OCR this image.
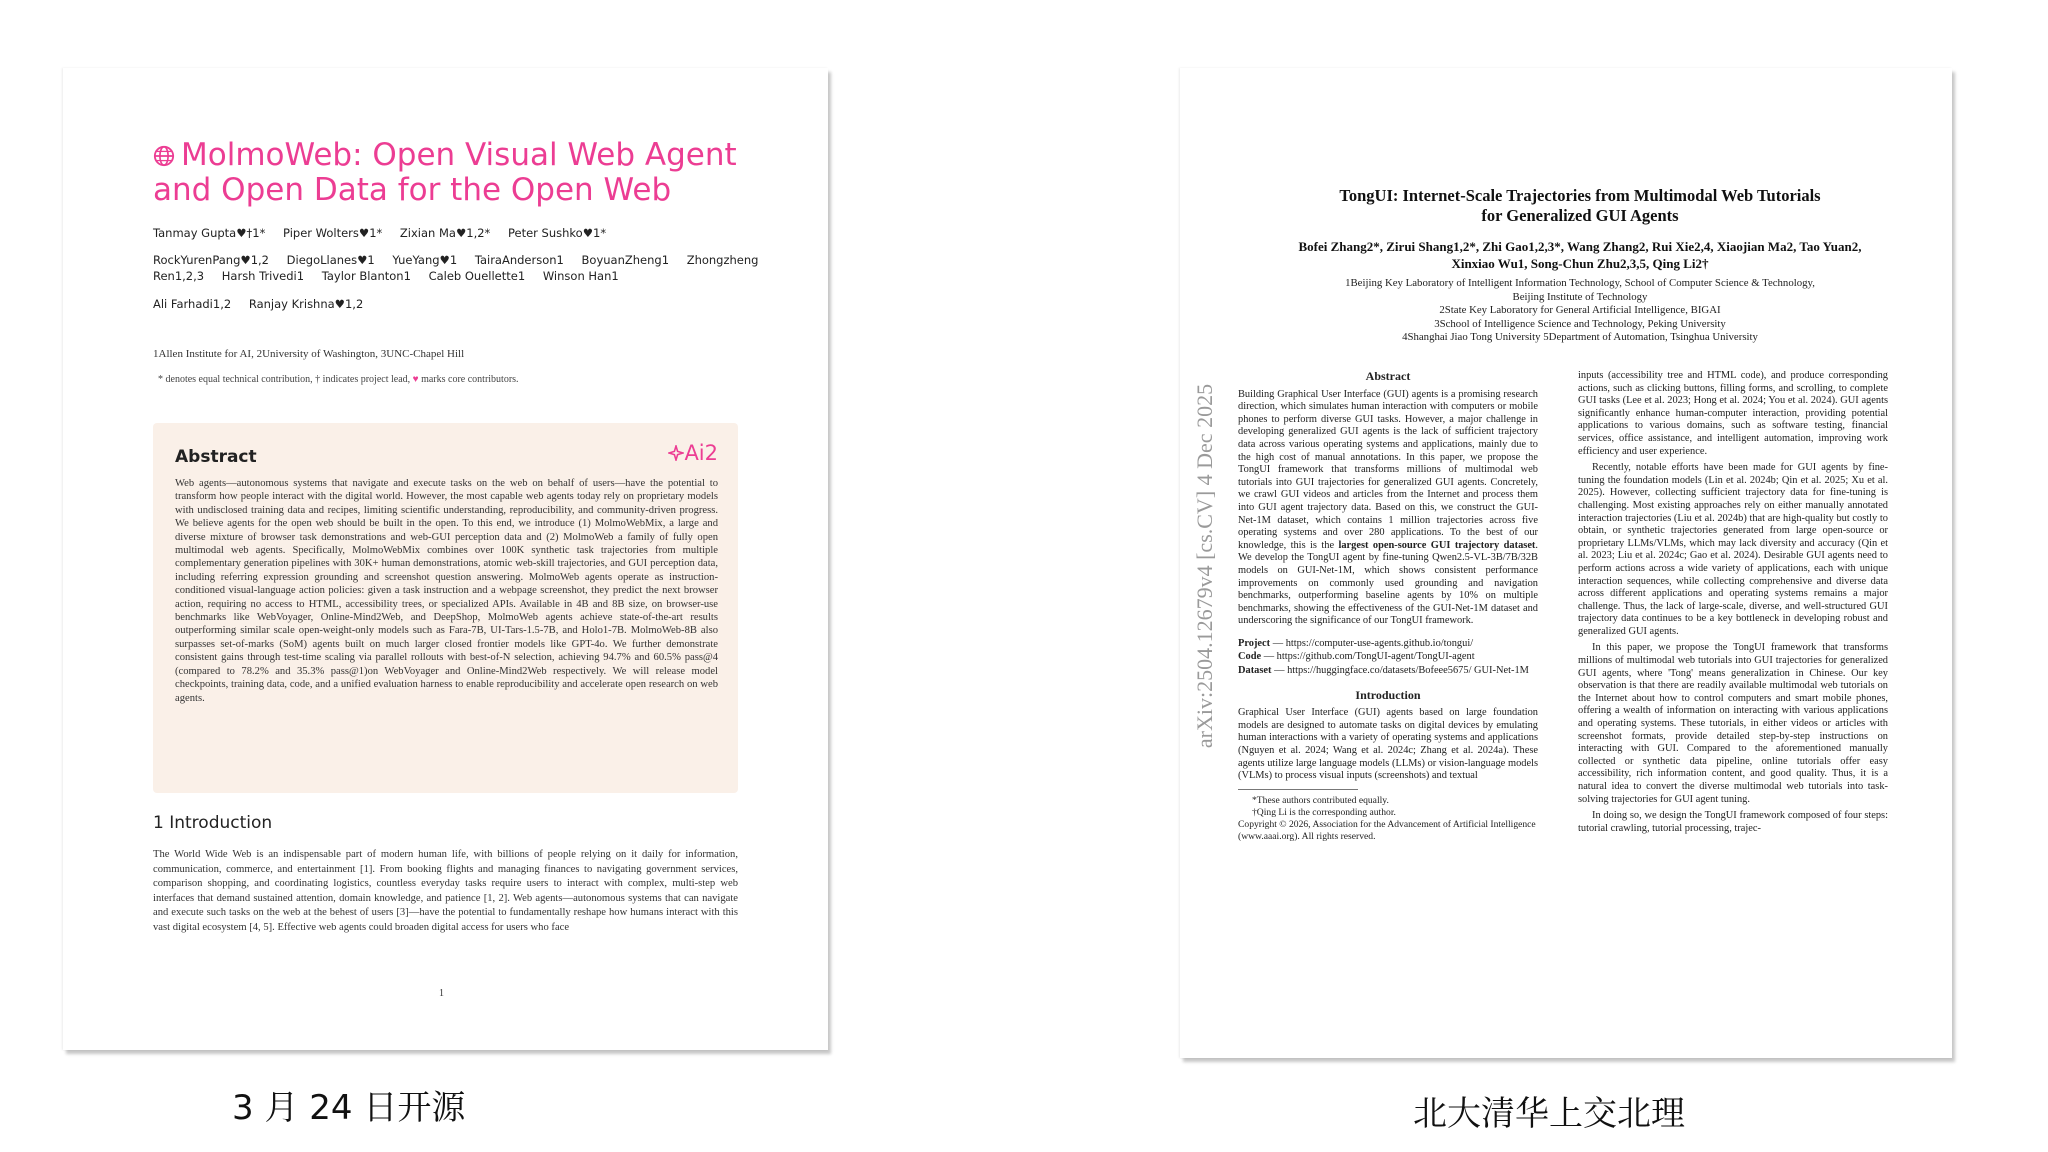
MolmoWeb: Open Visual Web Agent
and Open Data for the Open Web
Tanmay Gupta♥†1* Piper Wolters♥1* Zixian Ma♥1,2* Peter Sushko♥1*
RockYurenPang♥1,2 DiegoLlanes♥1 YueYang♥1 TairaAnderson1 BoyuanZheng1 Zhongzheng
Ren1,2,3 Harsh Trivedi1 Taylor Blanton1 Caleb Ouellette1 Winson Han1
Ali Farhadi1,2 Ranjay Krishna♥1,2
1Allen Institute for AI, 2University of Washington, 3UNC-Chapel Hill
* denotes equal technical contribution, † indicates project lead, ♥ marks core contributors.
Abstract	Ai2
Web agents—autonomous systems that navigate and execute tasks on the web on behalf of users—have the potential to transform how people interact with the digital world. However, the most capable web agents today rely on proprietary models with undisclosed training data and recipes, limiting scientific understanding, reproducibility, and community-driven progress. We believe agents for the open web should be built in the open. To this end, we introduce (1) MolmoWebMix, a large and diverse mixture of browser task demonstrations and web-GUI perception data and (2) MolmoWeb a family of fully open multimodal web agents. Specifically, MolmoWebMix combines over 100K synthetic task trajectories from multiple complementary generation pipelines with 30K+ human demonstrations, atomic web-skill trajectories, and GUI perception data, including referring expression grounding and screenshot question answering. MolmoWeb agents operate as instruction-conditioned visual-language action policies: given a task instruction and a webpage screenshot, they predict the next browser action, requiring no access to HTML, accessibility trees, or specialized APIs. Available in 4B and 8B size, on browser-use benchmarks like WebVoyager, Online-Mind2Web, and DeepShop, MolmoWeb agents achieve state-of-the-art results outperforming similar scale open-weight-only models such as Fara-7B, UI-Tars-1.5-7B, and Holo1-7B. MolmoWeb-8B also surpasses set-of-marks (SoM) agents built on much larger closed frontier models like GPT-4o. We further demonstrate consistent gains through test-time scaling via parallel rollouts with best-of-N selection, achieving 94.7% and 60.5% pass@4 (compared to 78.2% and 35.3% pass@1)on WebVoyager and Online-Mind2Web respectively. We will release model checkpoints, training data, code, and a unified evaluation harness to enable reproducibility and accelerate open research on web agents.
1 Introduction
The World Wide Web is an indispensable part of modern human life, with billions of people relying on it daily for information, communication, commerce, and entertainment [1]. From booking flights and managing finances to navigating government services, comparison shopping, and coordinating logistics, countless everyday tasks require users to interact with complex, multi-step web interfaces that demand sustained attention, domain knowledge, and patience [1, 2]. Web agents—autonomous systems that can navigate and execute such tasks on the web at the behest of users [3]—have the potential to fundamentally reshape how humans interact with this vast digital ecosystem [4, 5]. Effective web agents could broaden digital access for users who face
1
arXiv:2504.12679v4 [cs.CV] 4 Dec 2025
TongUI: Internet-Scale Trajectories from Multimodal Web Tutorials
for Generalized GUI Agents
Bofei Zhang2*, Zirui Shang1,2*, Zhi Gao1,2,3*, Wang Zhang2, Rui Xie2,4, Xiaojian Ma2, Tao Yuan2,
Xinxiao Wu1, Song-Chun Zhu2,3,5, Qing Li2†
1Beijing Key Laboratory of Intelligent Information Technology, School of Computer Science & Technology,
Beijing Institute of Technology
2State Key Laboratory for General Artificial Intelligence, BIGAI
3School of Intelligence Science and Technology, Peking University
4Shanghai Jiao Tong University 5Department of Automation, Tsinghua University
Abstract

Building Graphical User Interface (GUI) agents is a promising research direction, which simulates human interaction with computers or mobile phones to perform diverse GUI tasks. However, a major challenge in developing generalized GUI agents is the lack of sufficient trajectory data across various operating systems and applications, mainly due to the high cost of manual annotations. In this paper, we propose the TongUI framework that transforms millions of multimodal web tutorials into GUI trajectories for generalized GUI agents. Concretely, we crawl GUI videos and articles from the Internet and process them into GUI agent trajectory data. Based on this, we construct the GUI-Net-1M dataset, which contains 1 million trajectories across five operating systems and over 280 applications. To the best of our knowledge, this is the largest open-source GUI trajectory dataset. We develop the TongUI agent by fine-tuning Qwen2.5-VL-3B/7B/32B models on GUI-Net-1M, which shows consistent performance improvements on commonly used grounding and navigation benchmarks, outperforming baseline agents by 10% on multiple benchmarks, showing the effectiveness of the GUI-Net-1M dataset and underscoring the significance of our TongUI framework.

Project — https://computer-use-agents.github.io/tongui/

Code — https://github.com/TongUI-agent/TongUI-agent

Dataset — https://huggingface.co/datasets/Bofeee5675/ GUI-Net-1M

Introduction

Graphical User Interface (GUI) agents based on large foundation models are designed to automate tasks on digital devices by emulating human interactions with a variety of operating systems and applications (Nguyen et al. 2024; Wang et al. 2024c; Zhang et al. 2024a). These agents utilize large language models (LLMs) or vision-language models (VLMs) to process visual inputs (screenshots) and textual

*These authors contributed equally.
†Qing Li is the corresponding author.
Copyright © 2026, Association for the Advancement of Artificial Intelligence (www.aaai.org). All rights reserved.

inputs (accessibility tree and HTML code), and produce corresponding actions, such as clicking buttons, filling forms, and scrolling, to complete GUI tasks (Lee et al. 2023; Hong et al. 2024; You et al. 2024). GUI agents significantly enhance human-computer interaction, providing potential applications to various domains, such as software testing, financial services, office assistance, and intelligent automation, improving work efficiency and user experience.

Recently, notable efforts have been made for GUI agents by fine-tuning the foundation models (Lin et al. 2024b; Qin et al. 2025; Xu et al. 2025). However, collecting sufficient trajectory data for fine-tuning is challenging. Most existing approaches rely on either manually annotated interaction trajectories (Liu et al. 2024b) that are high-quality but costly to obtain, or synthetic trajectories generated from large open-source or proprietary LLMs/VLMs, which may lack diversity and accuracy (Qin et al. 2023; Liu et al. 2024c; Gao et al. 2024). Desirable GUI agents need to perform actions across a wide variety of applications, each with unique interaction sequences, while collecting comprehensive and diverse data across different applications and operating systems remains a major challenge. Thus, the lack of large-scale, diverse, and well-structured GUI trajectory data continues to be a key bottleneck in developing robust and generalized GUI agents.

In this paper, we propose the TongUI framework that transforms millions of multimodal web tutorials into GUI trajectories for generalized GUI agents, where 'Tong' means generalization in Chinese. Our key observation is that there are readily available multimodal web tutorials on the Internet about how to control computers and smart mobile phones, offering a wealth of information on interacting with various applications and operating systems. These tutorials, in either videos or articles with screenshot formats, provide detailed step-by-step instructions on interacting with GUI. Compared to the aforementioned manually collected or synthetic data pipeline, online tutorials offer easy accessibility, rich information content, and good quality. Thus, it is a natural idea to convert the diverse multimodal web tutorials into task-solving trajectories for GUI agent tuning.

In doing so, we design the TongUI framework composed of four steps: tutorial crawling, tutorial processing, trajec-

3 月 24 日开源	北大清华上交北理
